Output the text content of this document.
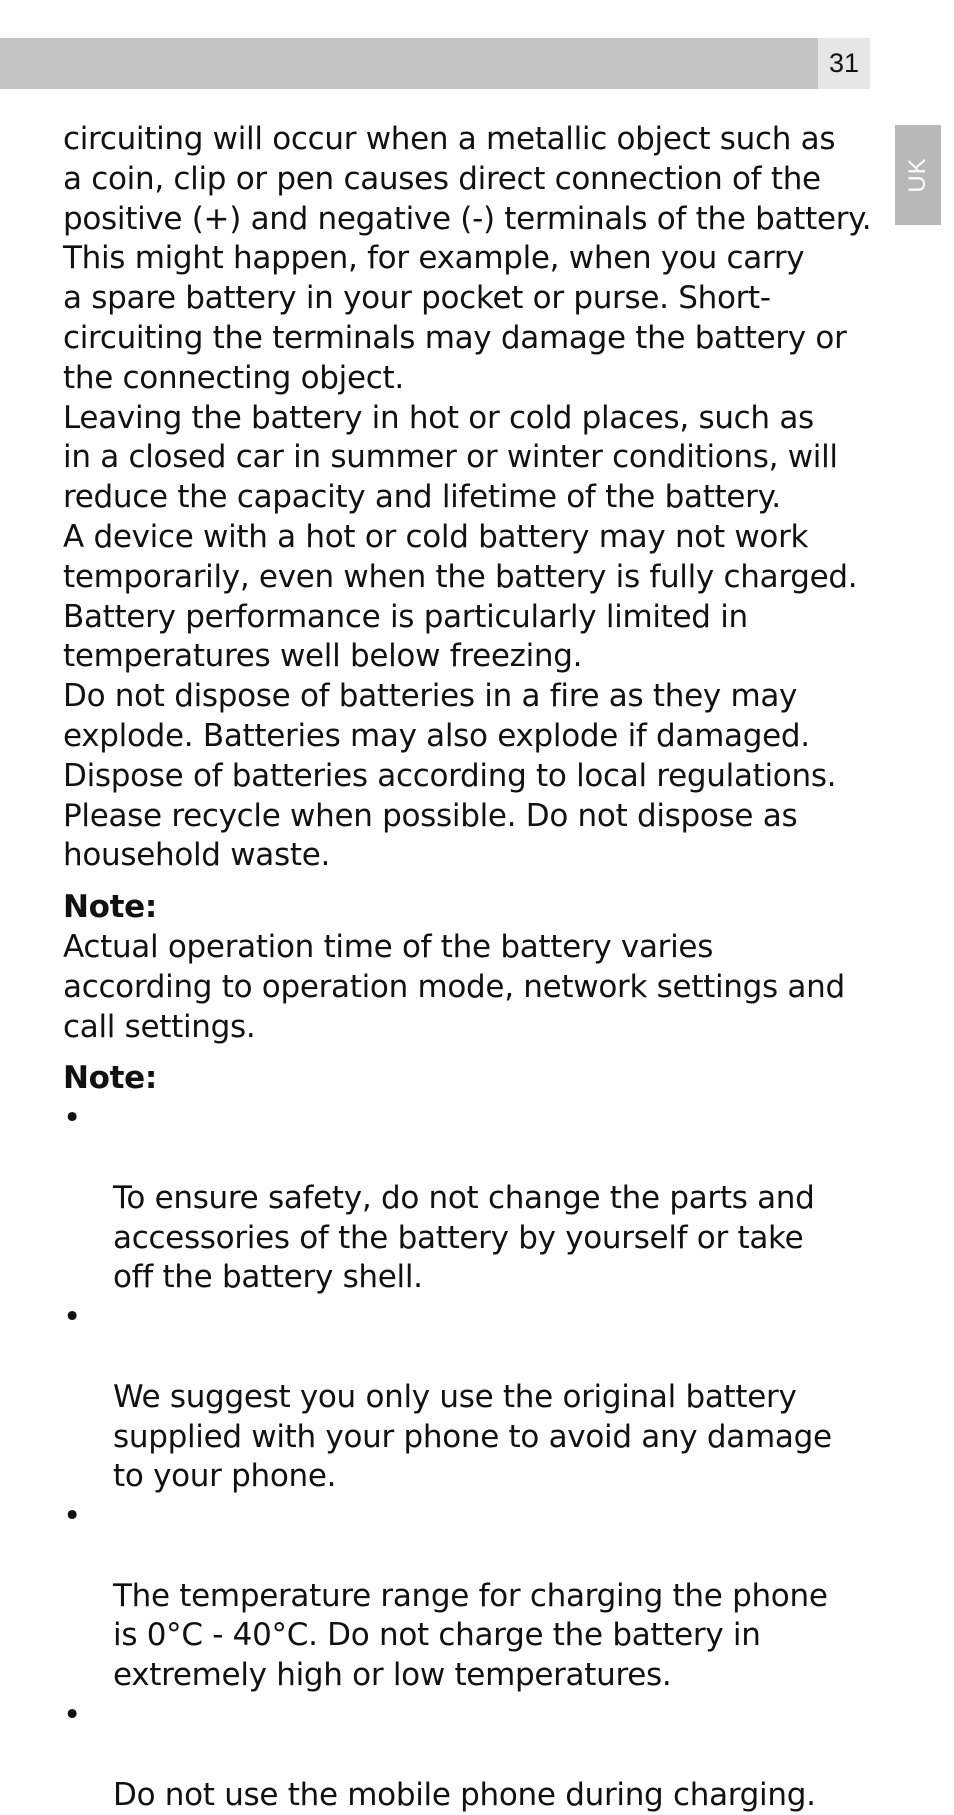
31
UK

circuiting will occur when a metallic object such as
a coin, clip or pen causes direct connection of the
positive (+) and negative (-) terminals of the battery.
This might happen, for example, when you carry
a spare battery in your pocket or purse. Short-
circuiting the terminals may damage the battery or
the connecting object.

Leaving the battery in hot or cold places, such as
in a closed car in summer or winter conditions, will
reduce the capacity and lifetime of the battery.
A device with a hot or cold battery may not work
temporarily, even when the battery is fully charged.
Battery performance is particularly limited in
temperatures well below freezing.

Do not dispose of batteries in a fire as they may
explode. Batteries may also explode if damaged.
Dispose of batteries according to local regulations.
Please recycle when possible. Do not dispose as
household waste.

Note:

Actual operation time of the battery varies
according to operation mode, network settings and
call settings.

Note:

•

To ensure safety, do not change the parts and
accessories of the battery by yourself or take
off the battery shell.

•

We suggest you only use the original battery
supplied with your phone to avoid any damage
to your phone.

•

The temperature range for charging the phone
is 0°C - 40°C. Do not charge the battery in
extremely high or low temperatures.

•

Do not use the mobile phone during charging.
